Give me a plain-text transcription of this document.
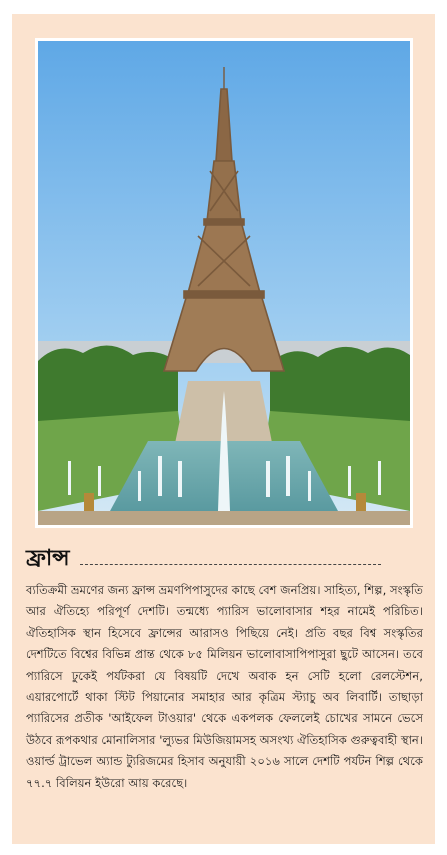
ফ্রান্স
ব্যতিক্রমী ভ্রমণের জন্য ফ্রান্স ভ্রমণপিপাসুদের কাছে বেশ জনপ্রিয়। সাহিত্য, শিল্প, সংস্কৃতি আর ঐতিহ্যে পরিপূর্ণ দেশটি। তন্মধ্যে প্যারিস ভালোবাসার শহর নামেই পরিচিত। ঐতিহাসিক স্থান হিসেবে ফ্রান্সের আরাসও পিছিয়ে নেই। প্রতি বছর বিশ্ব সংস্কৃতির দেশটিতে বিশ্বের বিভিন্ন প্রান্ত থেকে ৮৫ মিলিয়ন ভালোবাসাপিপাসুরা ছুটে আসেন। তবে প্যারিসে ঢুকেই পর্যটকরা যে বিষয়টি দেখে অবাক হন সেটি হলো রেলস্টেশন, এয়ারপোর্টে থাকা স্টিট পিয়ানোর সমাহার আর কৃত্রিম স্ট্যাচু অব লিবার্টি। তাছাড়া প্যারিসের প্রতীক 'আইফেল টাওয়ার' থেকে একপলক ফেললেই চোখের সামনে ভেসে উঠবে রূপকথার মোনালিসার 'ল্যুভর মিউজিয়ামসহ অসংখ্য ঐতিহাসিক গুরুত্ববাহী স্থান। ওয়ার্ল্ড ট্রাভেল অ্যান্ড ট্যুরিজমের হিসাব অনুযায়ী ২০১৬ সালে দেশটি পর্যটন শিল্প থেকে ৭৭.৭ বিলিয়ন ইউরো আয় করেছে।
